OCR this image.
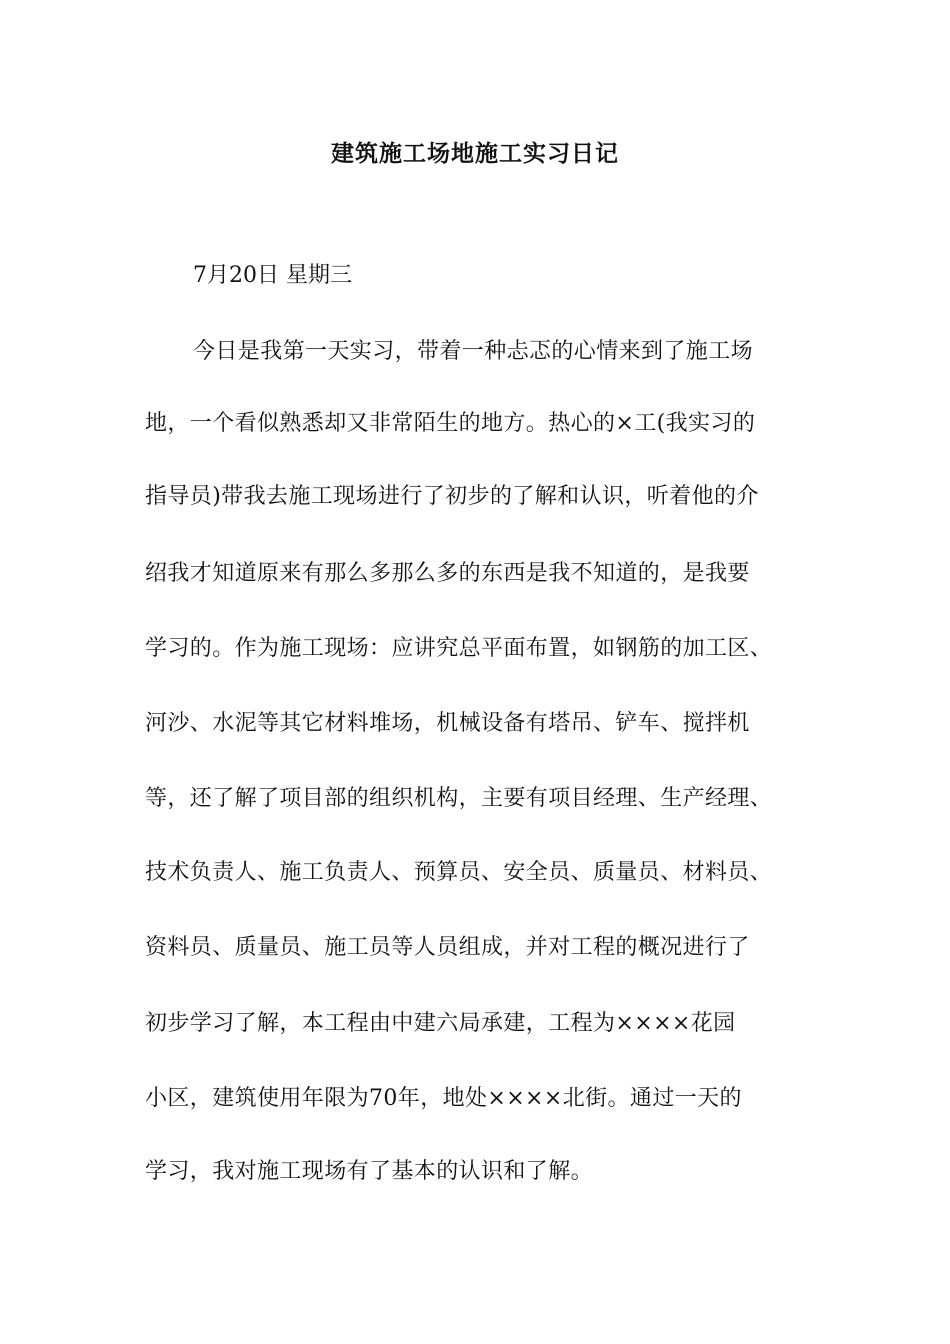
建筑施工场地施工实习日记
7月20日 星期三
今日是我第一天实习，带着一种忐忑的心情来到了施工场
地，一个看似熟悉却又非常陌生的地方。热心的×工(我实习的
指导员)带我去施工现场进行了初步的了解和认识，听着他的介
绍我才知道原来有那么多那么多的东西是我不知道的，是我要
学习的。作为施工现场：应讲究总平面布置，如钢筋的加工区、
河沙、水泥等其它材料堆场，机械设备有塔吊、铲车、搅拌机
等，还了解了项目部的组织机构，主要有项目经理、生产经理、
技术负责人、施工负责人、预算员、安全员、质量员、材料员、
资料员、质量员、施工员等人员组成，并对工程的概况进行了
初步学习了解，本工程由中建六局承建，工程为××××花园
小区，建筑使用年限为70年，地处××××北街。通过一天的
学习，我对施工现场有了基本的认识和了解。
